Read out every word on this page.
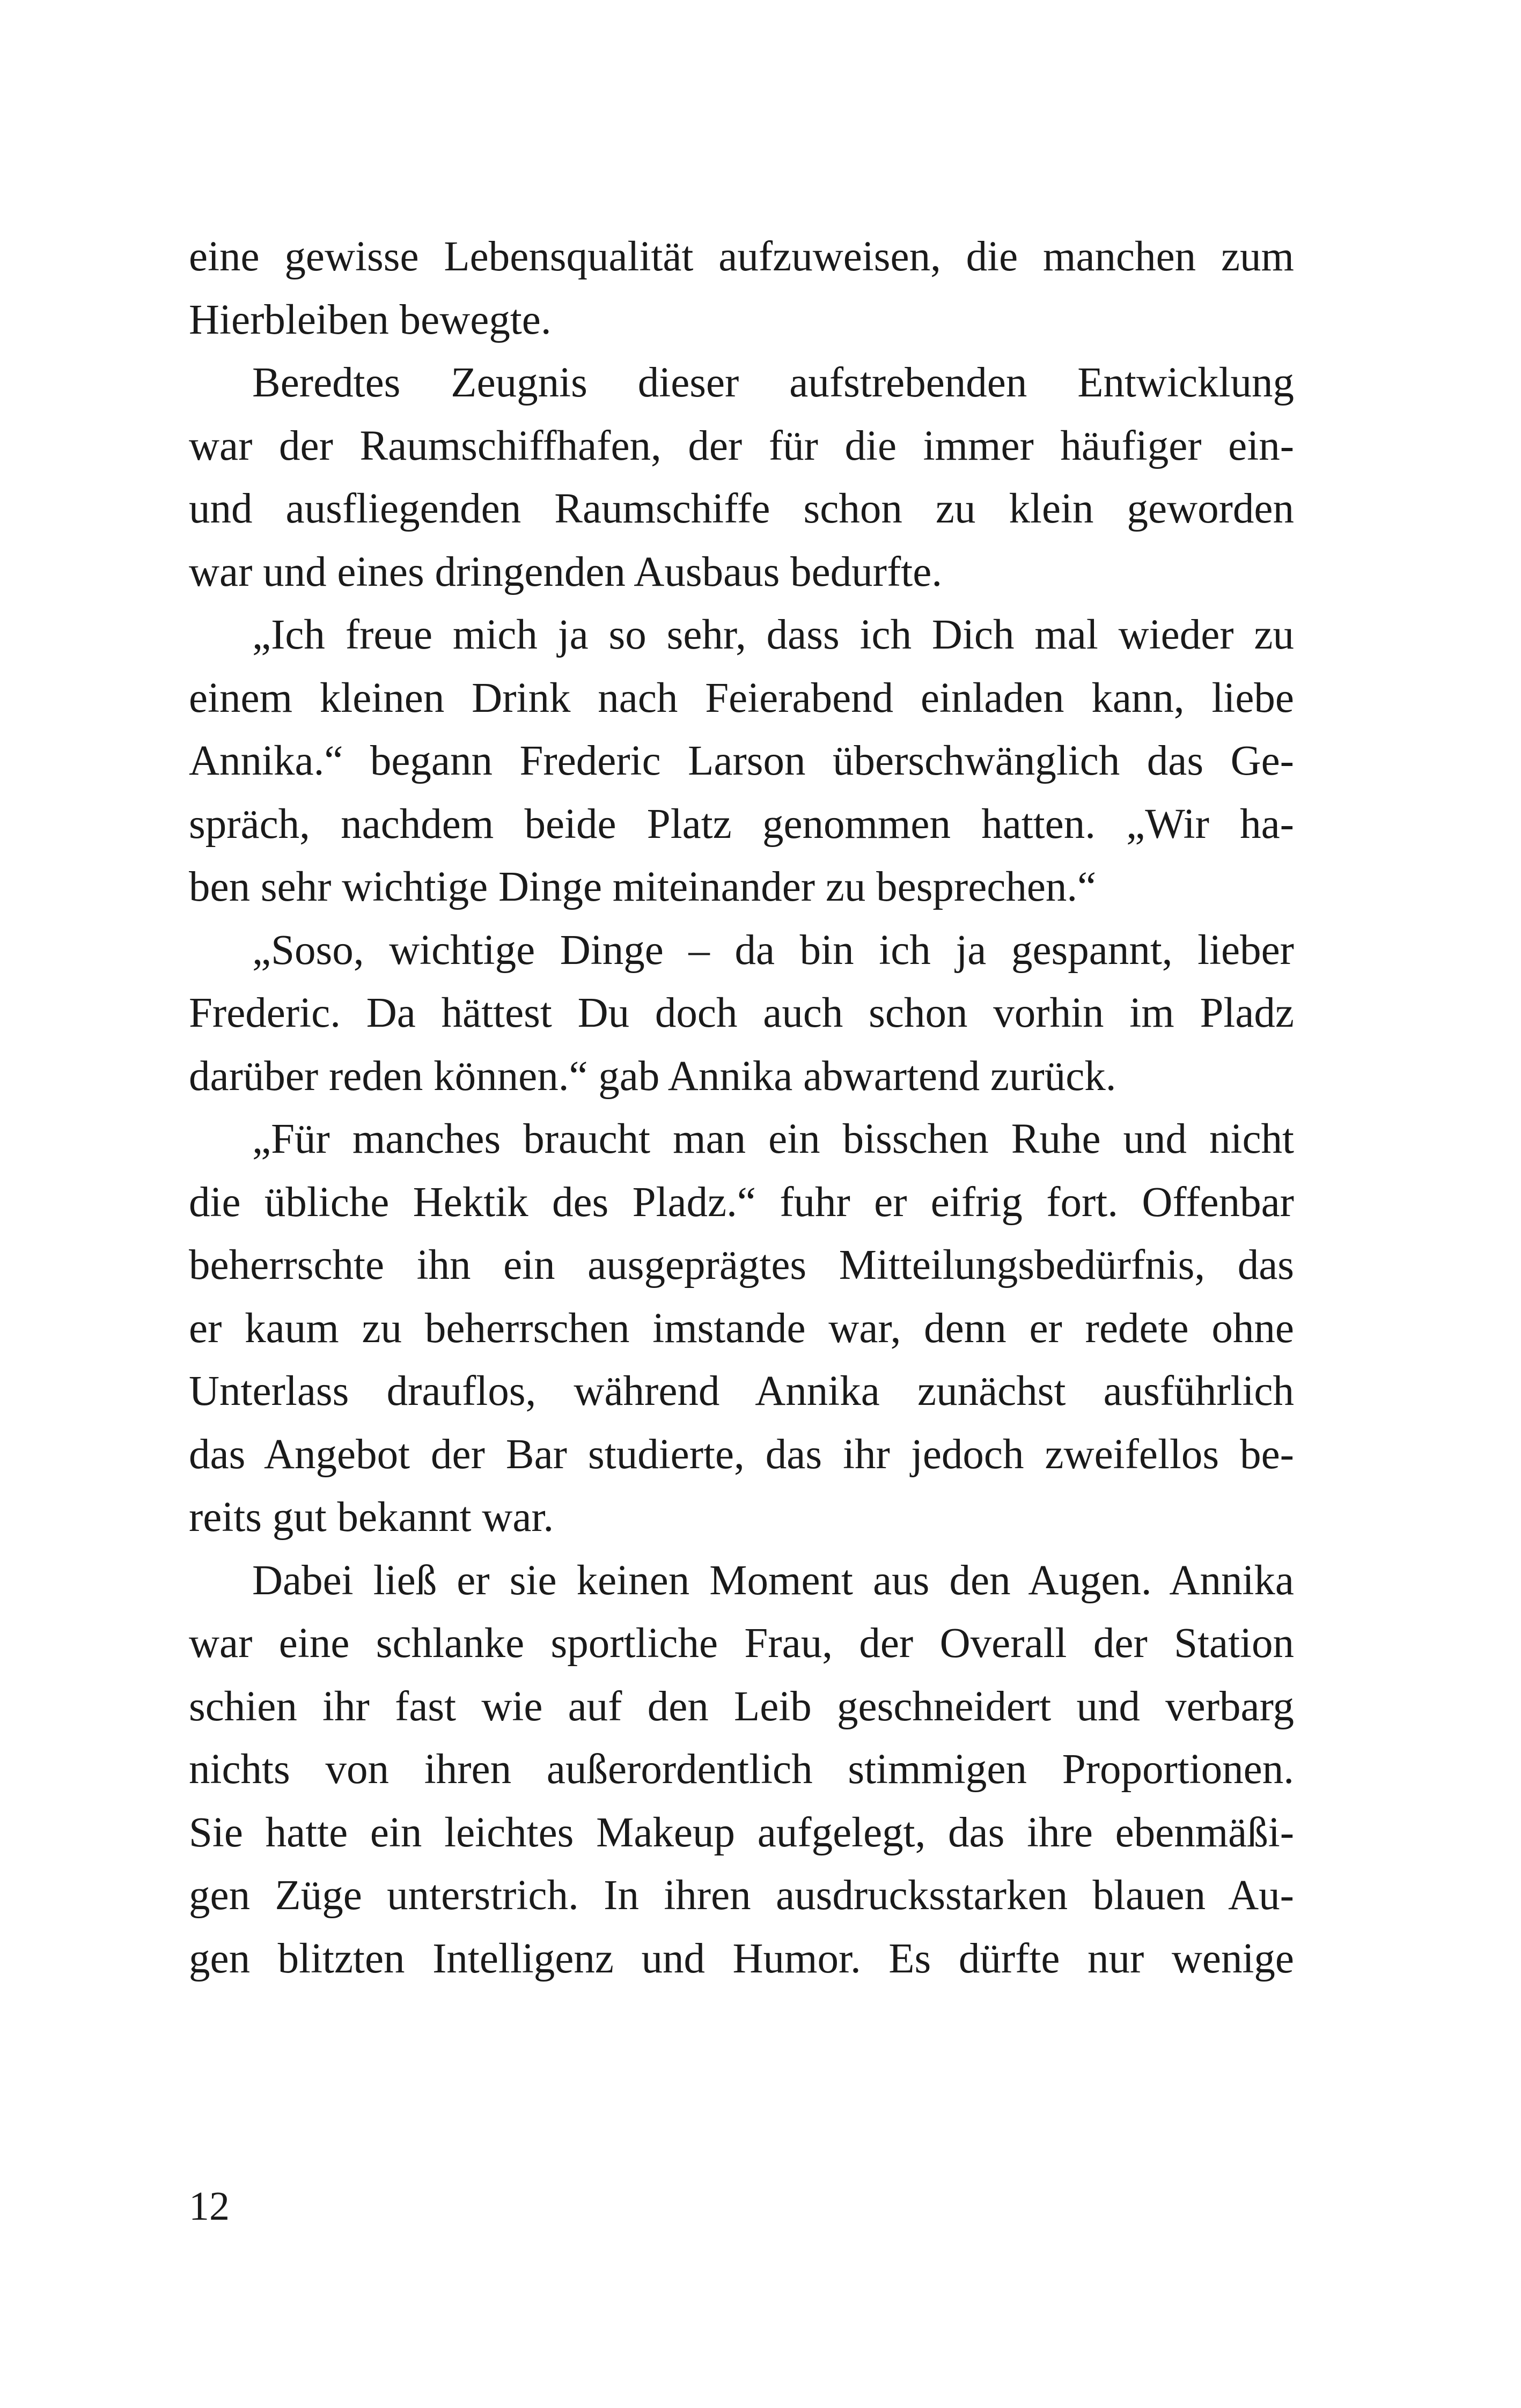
eine gewisse Lebensqualität aufzuweisen, die manchen zum
Hierbleiben bewegte.
Beredtes Zeugnis dieser aufstrebenden Entwicklung
war der Raumschiffhafen, der für die immer häufiger ein-
und ausfliegenden Raumschiffe schon zu klein geworden
war und eines dringenden Ausbaus bedurfte.
„Ich freue mich ja so sehr, dass ich Dich mal wieder zu
einem kleinen Drink nach Feierabend einladen kann, liebe
Annika.“ begann Frederic Larson überschwänglich das Ge-
spräch, nachdem beide Platz genommen hatten. „Wir ha-
ben sehr wichtige Dinge miteinander zu besprechen.“
„Soso, wichtige Dinge – da bin ich ja gespannt, lieber
Frederic. Da hättest Du doch auch schon vorhin im Pladz
darüber reden können.“ gab Annika abwartend zurück.
„Für manches braucht man ein bisschen Ruhe und nicht
die übliche Hektik des Pladz.“ fuhr er eifrig fort. Offenbar
beherrschte ihn ein ausgeprägtes Mitteilungsbedürfnis, das
er kaum zu beherrschen imstande war, denn er redete ohne
Unterlass drauflos, während Annika zunächst ausführlich
das Angebot der Bar studierte, das ihr jedoch zweifellos be-
reits gut bekannt war.
Dabei ließ er sie keinen Moment aus den Augen. Annika
war eine schlanke sportliche Frau, der Overall der Station
schien ihr fast wie auf den Leib geschneidert und verbarg
nichts von ihren außerordentlich stimmigen Proportionen.
Sie hatte ein leichtes Makeup aufgelegt, das ihre ebenmäßi-
gen Züge unterstrich. In ihren ausdrucksstarken blauen Au-
gen blitzten Intelligenz und Humor. Es dürfte nur wenige
12
